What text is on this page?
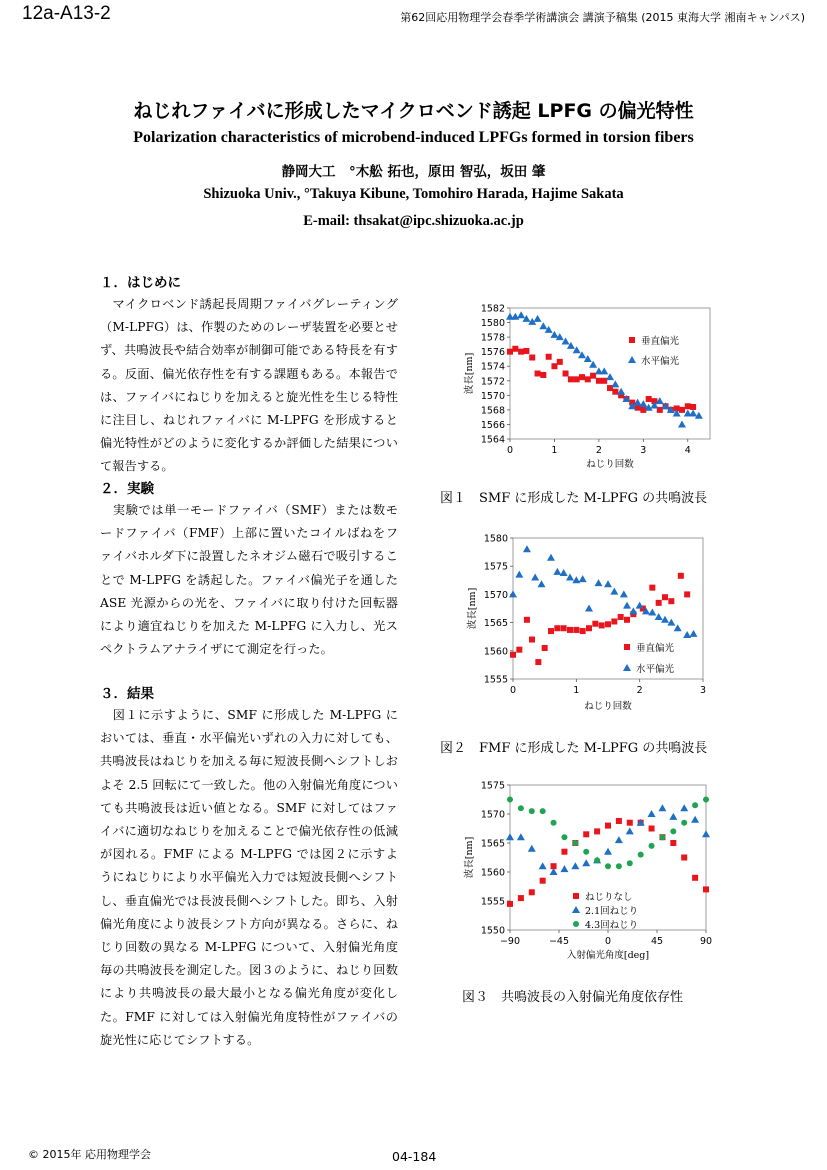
12a-A13-2	第62回応用物理学会春季学術講演会 講演予稿集 (2015 東海大学 湘南キャンパス)
ねじれファイバに形成したマイクロベンド誘起 LPFG の偏光特性
Polarization characteristics of microbend-induced LPFGs formed in torsion fibers
静岡大工　°木舩 拓也，原田 智弘，坂田 肇
Shizuoka Univ., °Takuya Kibune, Tomohiro Harada, Hajime Sakata
E-mail: thsakat@ipc.shizuoka.ac.jp
１．はじめに
　マイクロベンド誘起長周期ファイバグレーティング（M-LPFG）は、作製のためのレーザ装置を必要とせず、共鳴波長や結合効率が制御可能である特長を有する。反面、偏光依存性を有する課題もある。本報告では、ファイバにねじりを加えると旋光性を生じる特性に注目し、ねじれファイバに M-LPFG を形成すると偏光特性がどのように変化するか評価した結果について報告する。
２．実験
　実験では単一モードファイバ（SMF）または数モードファイバ（FMF）上部に置いたコイルばねをファイバホルダ下に設置したネオジム磁石で吸引することで M-LPFG を誘起した。ファイバ偏光子を通した ASE 光源からの光を、ファイバに取り付けた回転器により適宜ねじりを加えた M-LPFG に入力し、光スペクトラムアナライザにて測定を行った。
３．結果
　図１に示すように、SMF に形成した M-LPFG においては、垂直・水平偏光いずれの入力に対しても、共鳴波長はねじりを加える毎に短波長側へシフトしおよそ 2.5 回転にて一致した。他の入射偏光角度についても共鳴波長は近い値となる。SMF に対してはファイバに適切なねじりを加えることで偏光依存性の低減が図れる。FMF による M-LPFG では図２に示すようにねじりにより水平偏光入力では短波長側へシフトし、垂直偏光では長波長側へシフトした。即ち、入射偏光角度により波長シフト方向が異なる。さらに、ねじり回数の異なる M-LPFG について、入射偏光角度毎の共鳴波長を測定した。図３のように、ねじり回数により共鳴波長の最大最小となる偏光角度が変化した。FMF に対しては入射偏光角度特性がファイバの旋光性に応じてシフトする。
1564
1566
1568
1570
1572
1574
1576
1578
1580
1582
0	1	2	3	4
ねじり回数
波長[nm]
垂直偏光
水平偏光
図１　SMF に形成した M-LPFG の共鳴波長
1555
1560
1565
1570
1575
1580
0	1	2	3
ねじり回数
波長[nm]
垂直偏光
水平偏光
図２　FMF に形成した M-LPFG の共鳴波長
1550
1555
1560
1565
1570
1575
−90	−45	0	45	90
入射偏光角度[deg]
波長[nm]
ねじりなし
2.1回ねじり
4.3回ねじり
図３　共鳴波長の入射偏光角度依存性
© 2015年 応用物理学会	04-184
